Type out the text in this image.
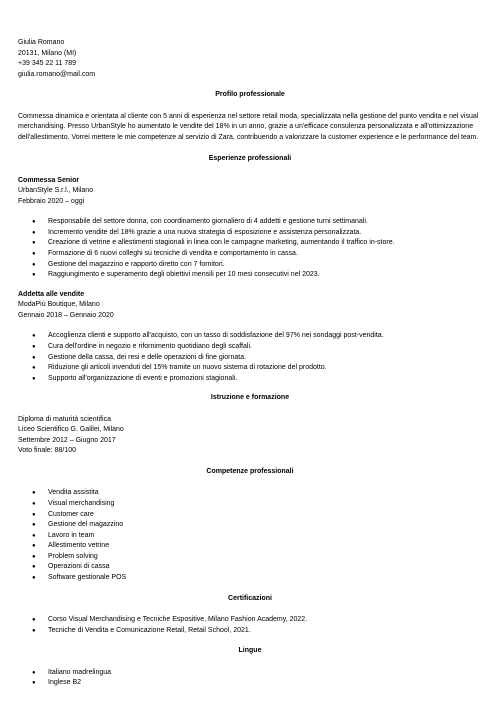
Giulia Romano
20131, Milano (MI)
+39 345 22 11 789
giulia.romano@mail.com
Profilo professionale

Commessa dinamica e orientata al cliente con 5 anni di esperienza nel settore retail moda, specializzata nella gestione del punto vendita e nel visual merchandising. Presso UrbanStyle ho aumentato le vendite del 18% in un anno, grazie a un'efficace consulenza personalizzata e all'ottimizzazione dell'allestimento. Vorrei mettere le mie competenze al servizio di Zara, contribuendo a valorizzare la customer experience e le performance del team.

Esperienze professionali
Commessa Senior
UrbanStyle S.r.l., Milano
Febbraio 2020 – oggi
● Responsabile del settore donna, con coordinamento giornaliero di 4 addetti e gestione turni settimanali.
● Incremento vendite del 18% grazie a una nuova strategia di esposizione e assistenza personalizzata.
● Creazione di vetrine e allestimenti stagionali in linea con le campagne marketing, aumentando il traffico in-store.
● Formazione di 6 nuovi colleghi su tecniche di vendita e comportamento in cassa.
● Gestione del magazzino e rapporto diretto con 7 fornitori.
● Raggiungimento e superamento degli obiettivi mensili per 10 mesi consecutivi nel 2023.
Addetta alle vendite
ModaPiù Boutique, Milano
Gennaio 2018 – Gennaio 2020
● Accoglienza clienti e supporto all'acquisto, con un tasso di soddisfazione del 97% nei sondaggi post-vendita.
● Cura dell'ordine in negozio e rifornimento quotidiano degli scaffali.
● Gestione della cassa, dei resi e delle operazioni di fine giornata.
● Riduzione gli articoli invenduti del 15% tramite un nuovo sistema di rotazione del prodotto.
● Supporto all'organizzazione di eventi e promozioni stagionali.
Istruzione e formazione
Diploma di maturità scientifica
Liceo Scientifico G. Galilei, Milano
Settembre 2012 – Giugno 2017
Voto finale: 88/100
Competenze professionali
● Vendita assistita
● Visual merchandising
● Customer care
● Gestione del magazzino
● Lavoro in team
● Allestimento vetrine
● Problem solving
● Operazioni di cassa
● Software gestionale POS
Certificazioni
● Corso Visual Merchandising e Tecniche Espositive, Milano Fashion Academy, 2022.
● Tecniche di Vendita e Comunicazione Retail, Retail School, 2021.
Lingue
● Italiano madrelingua
● Inglese B2
